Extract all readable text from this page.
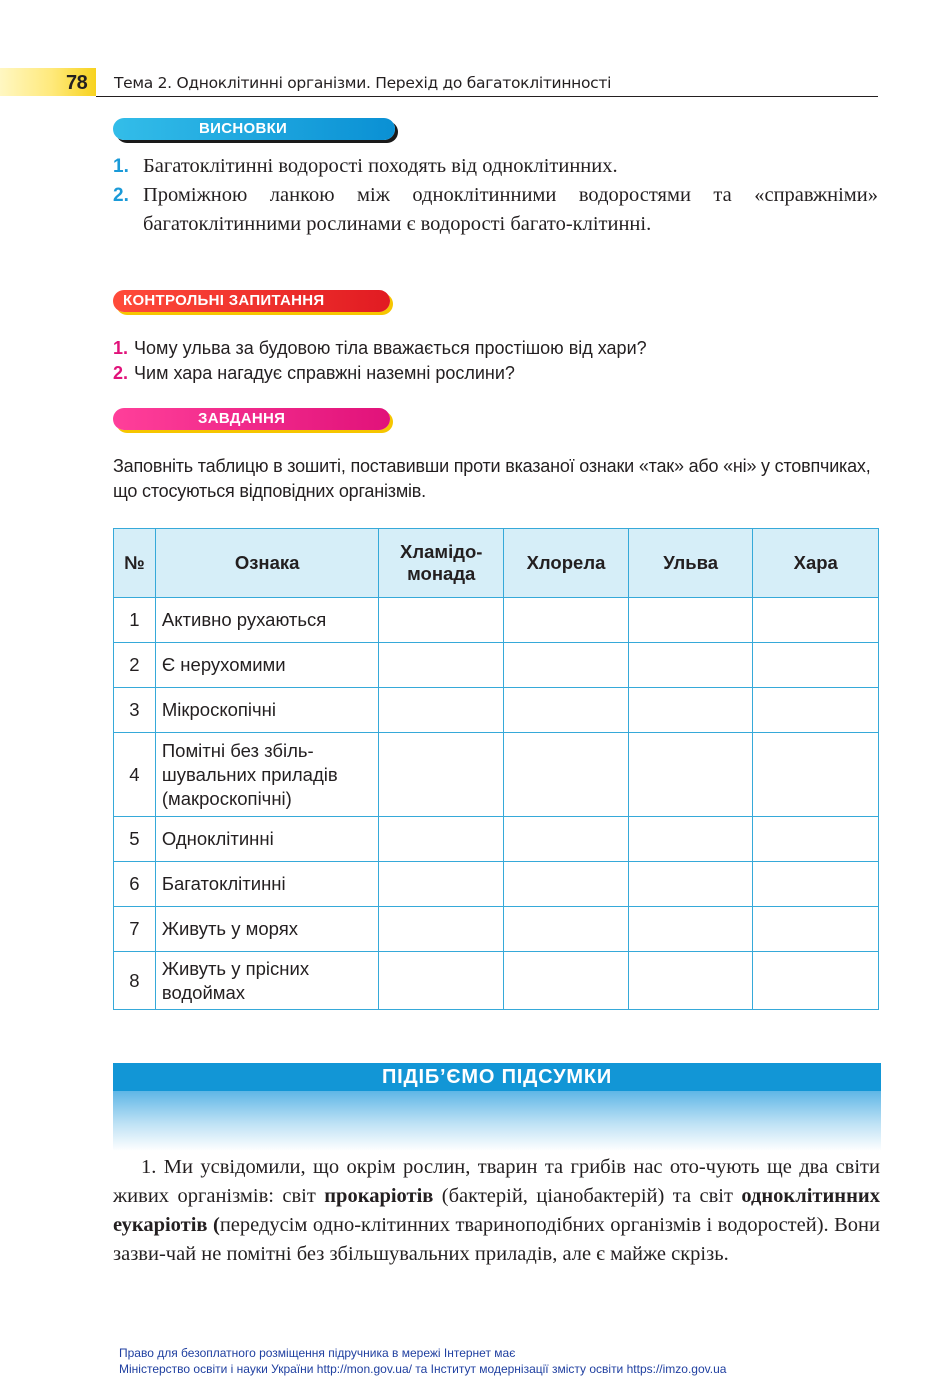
78	Тема 2. Одноклітинні організми. Перехід до багатоклітинності
ВИСНОВКИ
1. Багатоклітинні водорості походять від одноклітинних.
2. Проміжною ланкою між одноклітинними водоростями та «справжніми» багатоклітинними рослинами є водорості багато-клітинні.
КОНТРОЛЬНІ ЗАПИТАННЯ
1. Чому ульва за будовою тіла вважається простішою від хари?
2. Чим хара нагадує справжні наземні рослини?
ЗАВДАННЯ
Заповніть таблицю в зошиті, поставивши проти вказаної ознаки «так» або «ні» у стовпчиках, що стосуються відповідних організмів.
№	Ознака	Хламідо-монада	Хлорела	Ульва	Хара
1	Активно рухаються				
2	Є нерухомими				
3	Мікроскопічні				
4	Помітні без збіль-шувальних приладів (макроскопічні)				
5	Одноклітинні				
6	Багатоклітинні				
7	Живуть у морях				
8	Живуть у прісних водоймах				
ПІДІБ’ЄМО ПІДСУМКИ

1. Ми усвідомили, що окрім рослин, тварин та грибів нас ото-чують ще два світи живих організмів: світ прокаріотів (бактерій, ціанобактерій) та світ одноклітинних еукаріотів (передусім одно-клітинних тваринoподібних організмів і водоростей). Вони зазви-чай не помітні без збільшувальних приладів, але є майже скрізь.

Право для безоплатного розміщення підручника в мережі Інтернет має
Міністерство освіти і науки України http://mon.gov.ua/ та Інститут модернізації змісту освіти https://imzo.gov.ua
